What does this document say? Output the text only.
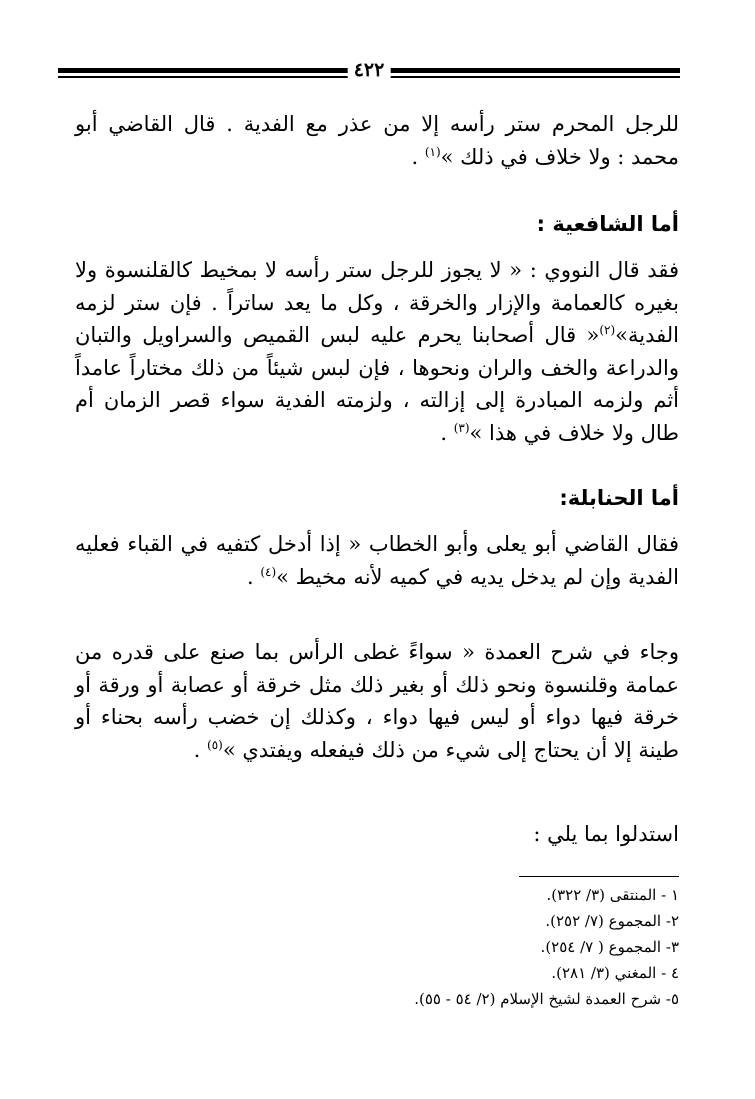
٤٢٢

للرجل المحرم ستر رأسه إلا من عذر مع الفدية . قال القاضي أبو محمد : ولا خلاف في ذلك »$^{(١)}$ .

أما الشافعية :

فقد قال النووي : « لا يجوز للرجل ستر رأسه لا بمخيط كالقلنسوة ولا بغيره كالعمامة والإزار والخرقة ، وكل ما يعد ساتراً . فإن ستر لزمه الفدية»$^{(٢)}$« قال أصحابنا يحرم عليه لبس القميص والسراويل والتبان والدراعة والخف والران ونحوها ، فإن لبس شيئاً من ذلك مختاراً عامداً أثم ولزمه المبادرة إلى إزالته ، ولزمته الفدية سواء قصر الزمان أم طال ولا خلاف في هذا »$^{(٣)}$ .

أما الحنابلة:

فقال القاضي أبو يعلى وأبو الخطاب « إذا أدخل كتفيه في القباء فعليه الفدية وإن لم يدخل يديه في كميه لأنه مخيط »$^{(٤)}$ .

وجاء في شرح العمدة « سواءً غطى الرأس بما صنع على قدره من عمامة وقلنسوة ونحو ذلك أو بغير ذلك مثل خرقة أو عصابة أو ورقة أو خرقة فيها دواء أو ليس فيها دواء ، وكذلك إن خضب رأسه بحناء أو طينة إلا أن يحتاج إلى شيء من ذلك فيفعله ويفتدي »$^{(٥)}$ .

استدلوا بما يلي :

١ - المنتقى (٣/ ٣٢٢).
٢- المجموع (٧/ ٢٥٢).
٣- المجموع ( ٧/ ٢٥٤).
٤ - المغني (٣/ ٢٨١).
٥- شرح العمدة لشيخ الإسلام (٢/ ٥٤ - ٥٥).
